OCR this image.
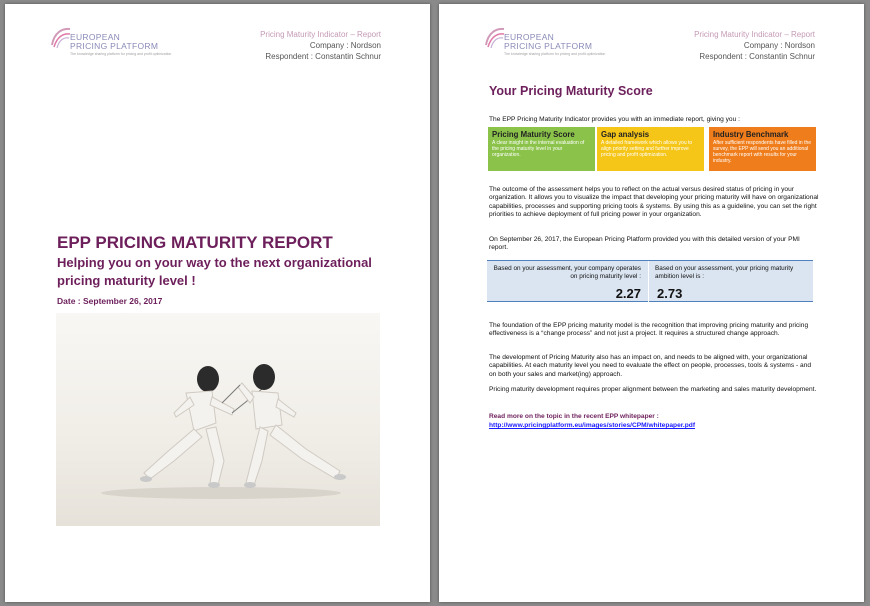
EUROPEAN
PRICING PLATFORM
The knowledge sharing platform for pricing and profit optimization
Pricing Maturity Indicator – Report
Company : Nordson
Respondent : Constantin Schnur
EPP PRICING MATURITY REPORT
Helping you on your way to the next organizational pricing maturity level !
Date : September 26, 2017
EUROPEAN
PRICING PLATFORM
The knowledge sharing platform for pricing and profit optimization
Pricing Maturity Indicator – Report
Company : Nordson
Respondent : Constantin Schnur
Your Pricing Maturity Score
The EPP Pricing Maturity Indicator provides you with an immediate report, giving you :
Pricing Maturity Score
A clear insight in the internal evaluation of the pricing maturity level in your organization.
Gap analysis
A detailed framework which allows you to align priority setting and further improve pricing and profit optimization.
Industry Benchmark
After sufficient respondents have filled in the survey, the EPP will send you an additional benchmark report with results for your industry.
The outcome of the assessment helps you to reflect on the actual versus desired status of pricing in your organization. It allows you to visualize the impact that developing your pricing maturity will have on organizational capabilities, processes and supporting pricing tools & systems. By using this as a guideline, you can set the right priorities to achieve deployment of full pricing power in your organization.
On September 26, 2017, the European Pricing Platform provided you with this detailed version of your PMI report.
Based on your assessment, your company operates on pricing maturity level :
2.27
Based on your assessment, your pricing maturity ambition level is :
2.73
The foundation of the EPP pricing maturity model is the recognition that improving pricing maturity and pricing effectiveness is a “change process” and not just a project. It requires a structured change approach.
The development of Pricing Maturity also has an impact on, and needs to be aligned with, your organizational capabilities. At each maturity level you need to evaluate the effect on people, processes, tools & systems - and on both your sales and market(ing) approach.
Pricing maturity development requires proper alignment between the marketing and sales maturity development.
Read more on the topic in the recent EPP whitepaper :
http://www.pricingplatform.eu/images/stories/CPM/whitepaper.pdf
